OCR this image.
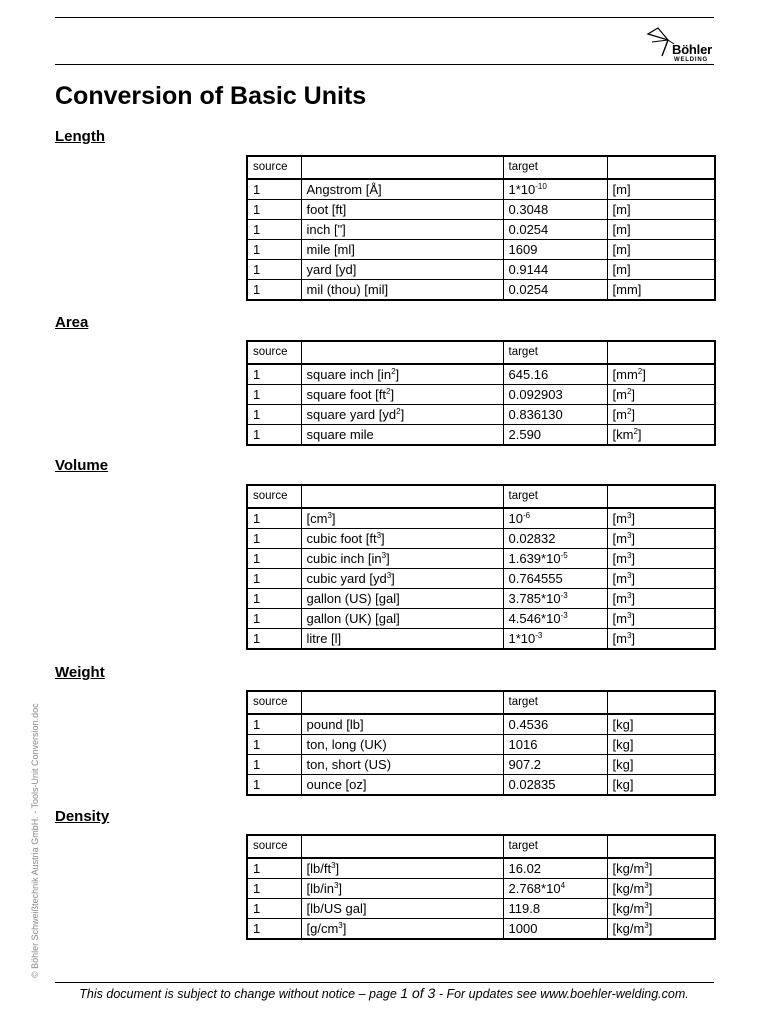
Böhler
WELDING
Conversion of Basic Units
Length
source		target	
1	Angstrom [Å]	$1*10^{-10}$	[m]
1	foot [ft]	0.3048	[m]
1	inch ["]	0.0254	[m]
1	mile [ml]	1609	[m]
1	yard [yd]	0.9144	[m]
1	mil (thou) [mil]	0.0254	[mm]
Area
source		target	
1	square inch $[in^2]$	645.16	$[mm^2]$
1	square foot $[ft^2]$	0.092903	$[m^2]$
1	square yard $[yd^2]$	0.836130	$[m^2]$
1	square mile	2.590	$[km^2]$
Volume
source		target	
1	$[cm^3]$	$10^{-6}$	$[m^3]$
1	cubic foot $[ft^3]$	0.02832	$[m^3]$
1	cubic inch $[in^3]$	$1.639*10^{-5}$	$[m^3]$
1	cubic yard $[yd^3]$	0.764555	$[m^3]$
1	gallon (US) [gal]	$3.785*10^{-3}$	$[m^3]$
1	gallon (UK) [gal]	$4.546*10^{-3}$	$[m^3]$
1	litre [l]	$1*10^{-3}$	$[m^3]$
Weight
source		target	
1	pound [lb]	0.4536	[kg]
1	ton, long (UK)	1016	[kg]
1	ton, short (US)	907.2	[kg]
1	ounce [oz]	0.02835	[kg]
Density
source		target	
1	$[lb/ft^3]$	16.02	$[kg/m^3]$
1	$[lb/in^3]$	$2.768*10^4$	$[kg/m^3]$
1	[lb/US gal]	119.8	$[kg/m^3]$
1	$[g/cm^3]$	1000	$[kg/m^3]$
© Böhler Schweißtechnik Austria GmbH. - Tools-Unit Conversion.doc
This document is subject to change without notice – page 1 of 3 - For updates see www.boehler-welding.com.
